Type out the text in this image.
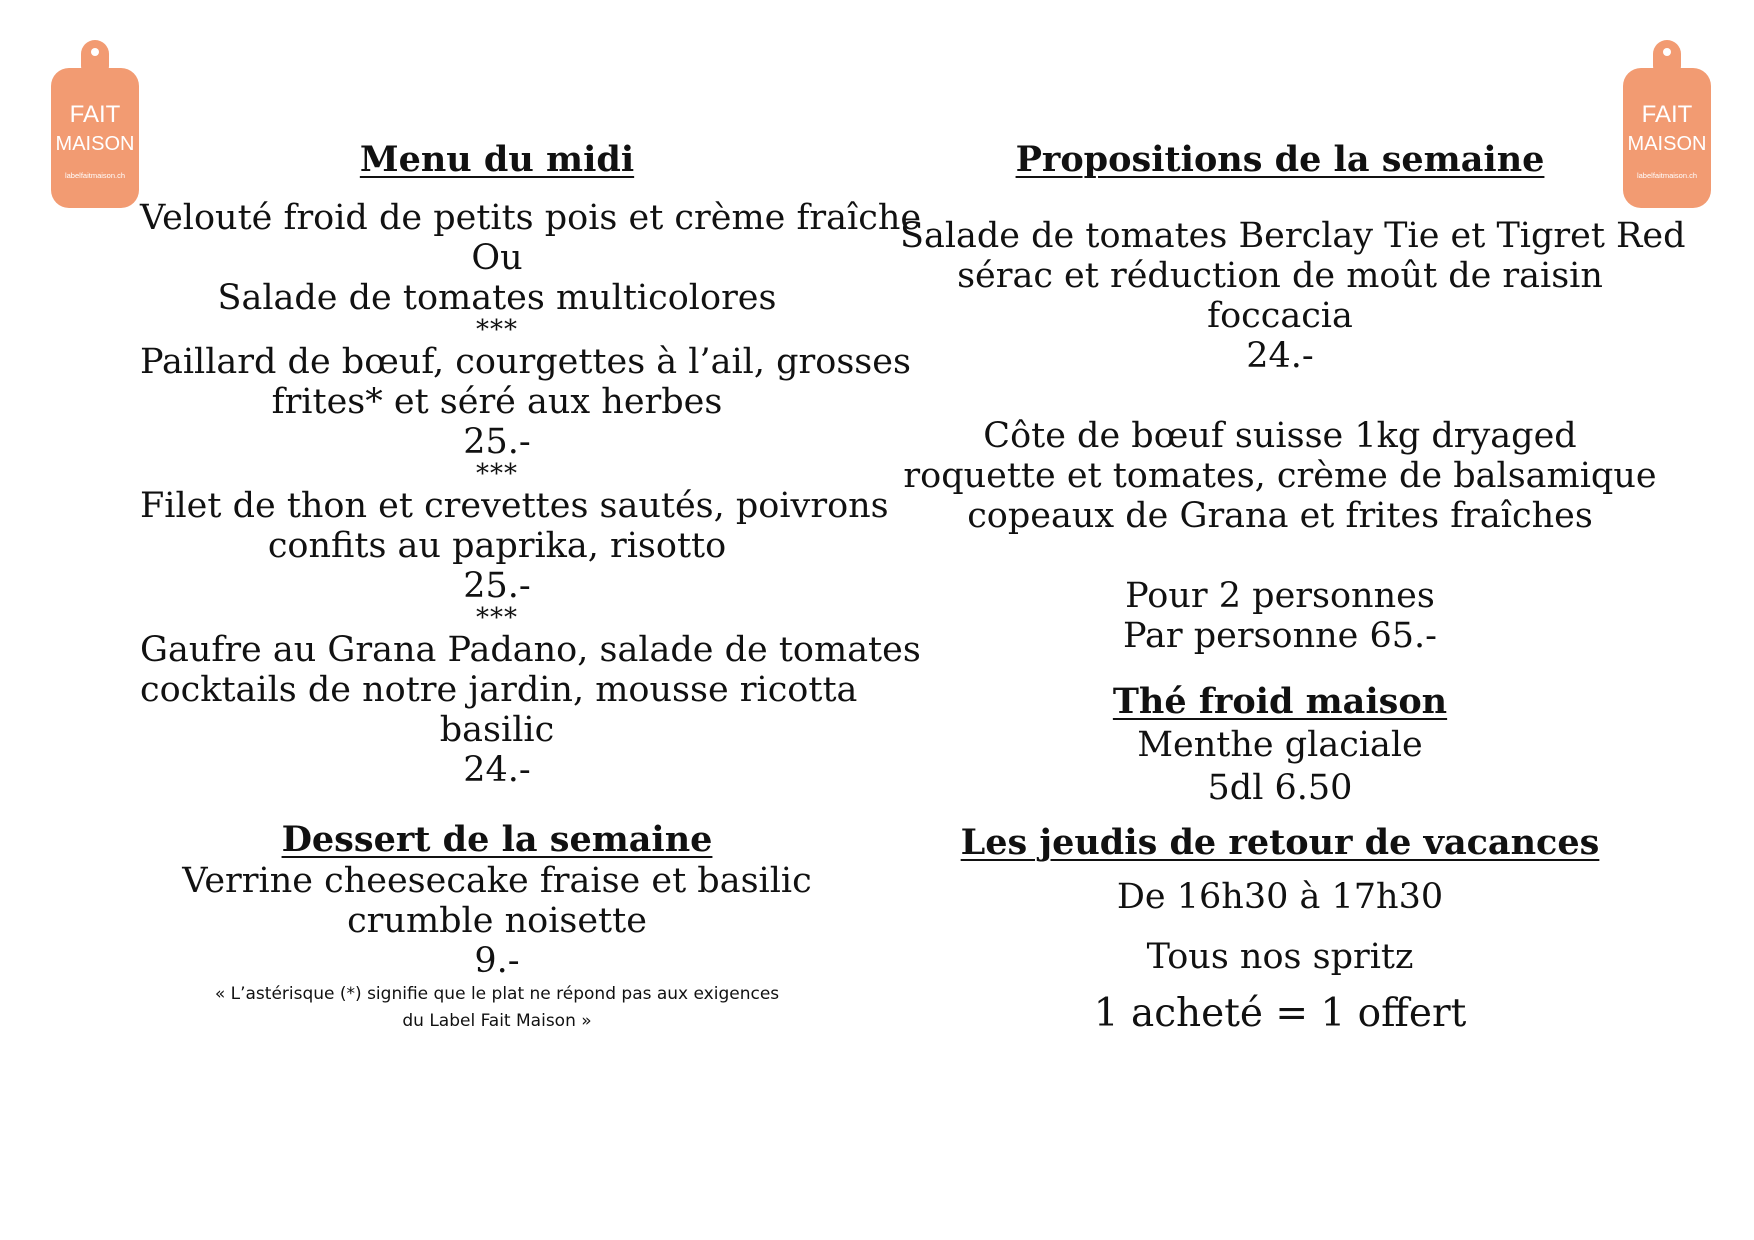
FAIT
MAISON
labelfaitmaison.ch
FAIT
MAISON
labelfaitmaison.ch

Menu du midi

Velouté froid de petits pois et crème fraîche

Ou

Salade de tomates multicolores

***

Paillard de bœuf, courgettes à l’ail, grosses

frites* et séré aux herbes

25.-

***

Filet de thon et crevettes sautés, poivrons

confits au paprika, risotto

25.-

***

Gaufre au Grana Padano, salade de tomates

cocktails de notre jardin, mousse ricotta

basilic

24.-

Dessert de la semaine

Verrine cheesecake fraise et basilic

crumble noisette

9.-

« L’astérisque (*) signifie que le plat ne répond pas aux exigences

du Label Fait Maison »

Propositions de la semaine

Salade de tomates Berclay Tie et Tigret Red

sérac et réduction de moût de raisin

foccacia

24.-

Côte de bœuf suisse 1kg dryaged

roquette et tomates, crème de balsamique

copeaux de Grana et frites fraîches

Pour 2 personnes

Par personne 65.-

Thé froid maison

Menthe glaciale

5dl 6.50

Les jeudis de retour de vacances

De 16h30 à 17h30

Tous nos spritz

1 acheté = 1 offert
